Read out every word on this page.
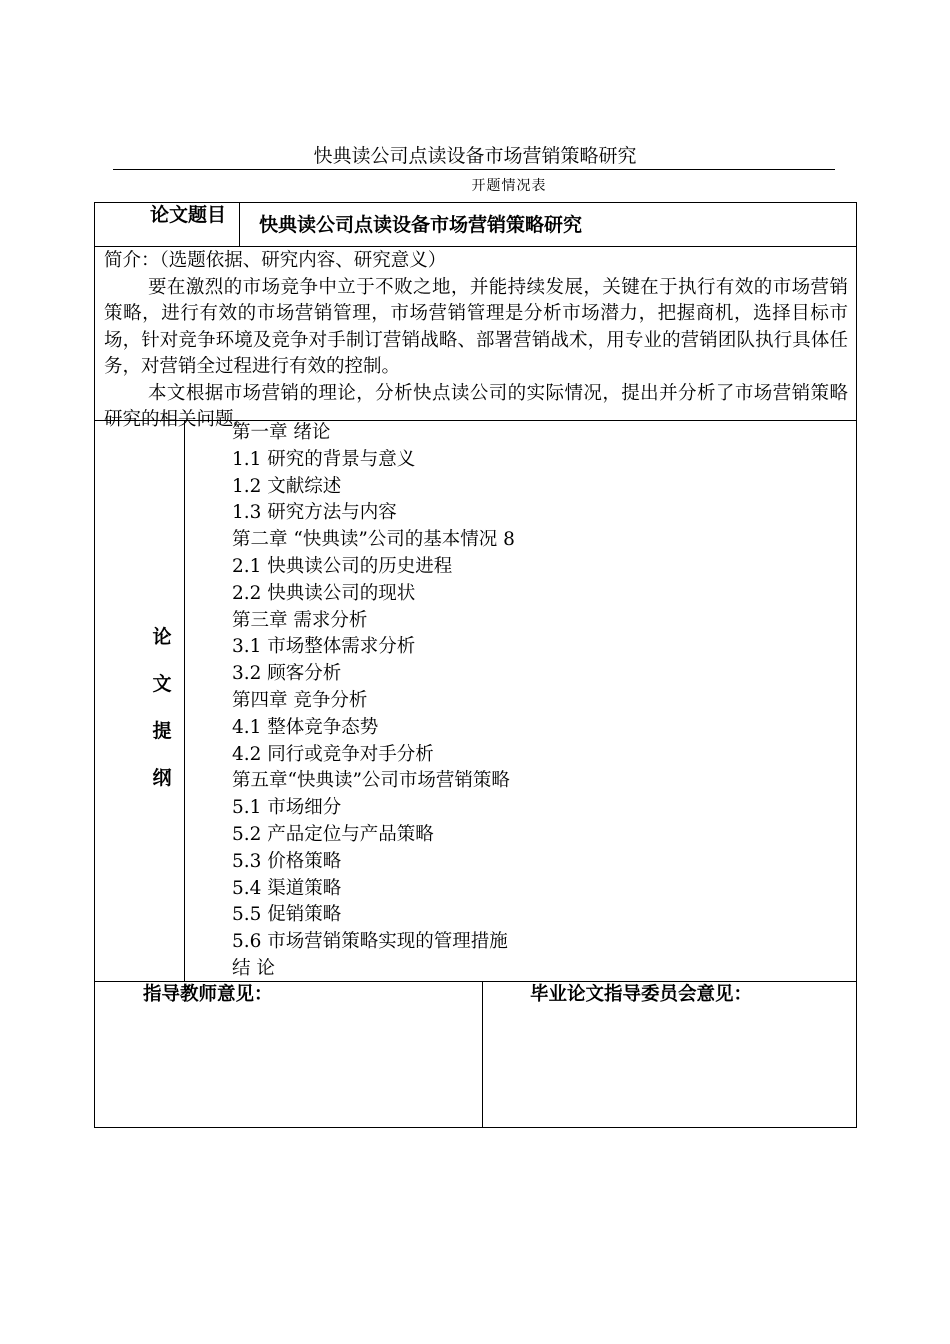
快典读公司点读设备市场营销策略研究
开题情况表
论文题目 快典读公司点读设备市场营销策略研究

简介：（选题依据、研究内容、研究意义）

要在激烈的市场竞争中立于不败之地，并能持续发展，关键在于执行有效的市场营销策略，进行有效的市场营销管理，市场营销管理是分析市场潜力，把握商机，选择目标市场，针对竞争环境及竞争对手制订营销战略、部署营销战术，用专业的营销团队执行具体任务，对营销全过程进行有效的控制。

本文根据市场营销的理论，分析快点读公司的实际情况，提出并分析了市场营销策略研究的相关问题。

论
文
提
纲
第一章 绪论
1.1 研究的背景与意义
1.2 文献综述
1.3 研究方法与内容
第二章 “快典读”公司的基本情况 8
2.1 快典读公司的历史进程
2.2 快典读公司的现状
第三章 需求分析
3.1 市场整体需求分析
3.2 顾客分析
第四章 竞争分析
4.1 整体竞争态势
4.2 同行或竞争对手分析
第五章“快典读”公司市场营销策略
5.1 市场细分
5.2 产品定位与产品策略
5.3 价格策略
5.4 渠道策略
5.5 促销策略
5.6 市场营销策略实现的管理措施
结 论
指导教师意见：	毕业论文指导委员会意见：
